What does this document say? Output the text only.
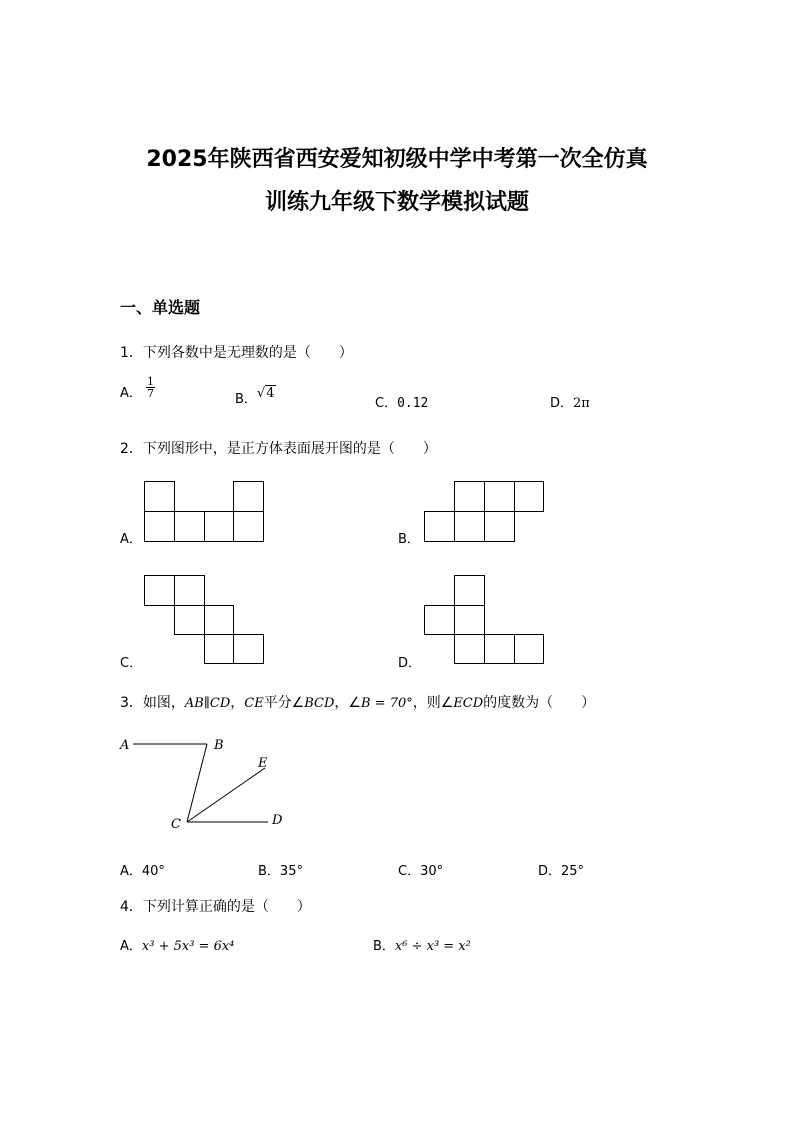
2025年陕西省西安爱知初级中学中考第一次全仿真
训练九年级下数学模拟试题
一、单选题
1．下列各数中是无理数的是（　　）
A． $\frac{1}{7}$
B．√4
C．0.12	D．2π
2．下列图形中，是正方体表面展开图的是（　　）
A．	B．
C．	D．
3．如图，AB∥CD，CE平分∠BCD，∠B = 70°，则∠ECD的度数为（　　）
A	B
E
C	D
A．40°	B．35°	C．30°	D．25°
4．下列计算正确的是（　　）
A．x³ + 5x³ = 6x⁴	B．x⁶ ÷ x³ = x²
